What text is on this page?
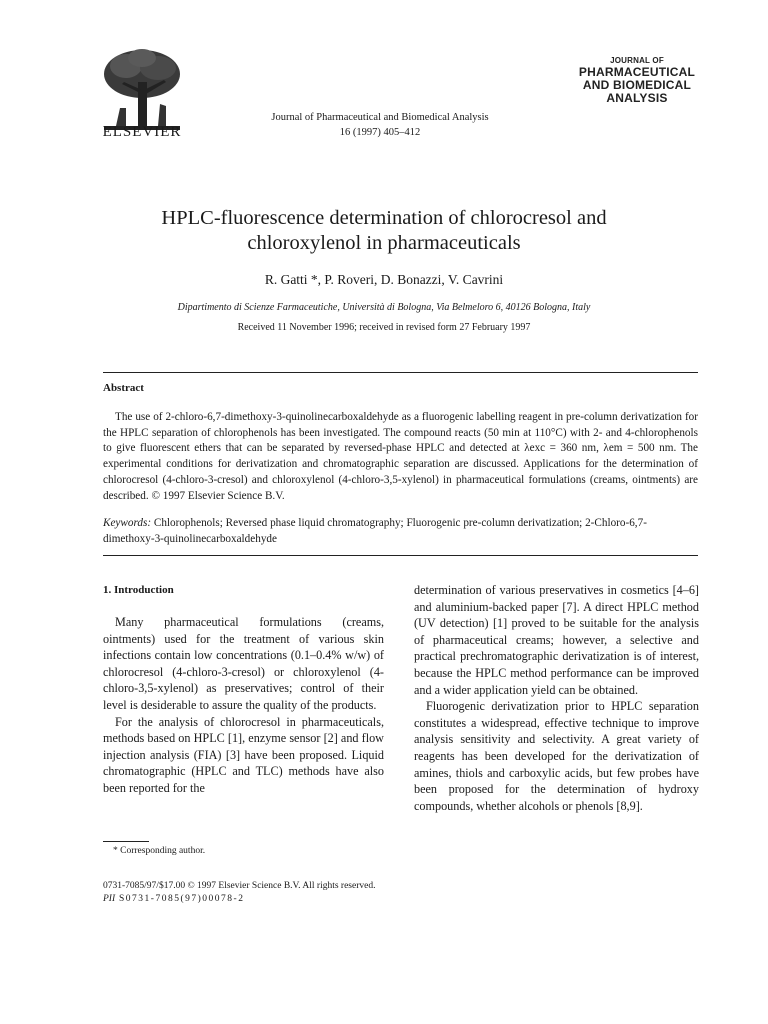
ELSEVIER
Journal of Pharmaceutical and Biomedical Analysis
16 (1997) 405–412
JOURNAL OF
PHARMACEUTICAL
AND BIOMEDICAL
ANALYSIS
HPLC-fluorescence determination of chlorocresol and
chloroxylenol in pharmaceuticals
R. Gatti *, P. Roveri, D. Bonazzi, V. Cavrini
Dipartimento di Scienze Farmaceutiche, Università di Bologna, Via Belmeloro 6, 40126 Bologna, Italy
Received 11 November 1996; received in revised form 27 February 1997
Abstract
The use of 2-chloro-6,7-dimethoxy-3-quinolinecarboxaldehyde as a fluorogenic labelling reagent in pre-column derivatization for the HPLC separation of chlorophenols has been investigated. The compound reacts (50 min at 110°C) with 2- and 4-chlorophenols to give fluorescent ethers that can be separated by reversed-phase HPLC and detected at λexc = 360 nm, λem = 500 nm. The experimental conditions for derivatization and chromatographic separation are discussed. Applications for the determination of chlorocresol (4-chloro-3-cresol) and chloroxylenol (4-chloro-3,5-xylenol) in pharmaceutical formulations (creams, ointments) are described. © 1997 Elsevier Science B.V.
Keywords: Chlorophenols; Reversed phase liquid chromatography; Fluorogenic pre-column derivatization; 2-Chloro-6,7-dimethoxy-3-quinolinecarboxaldehyde
1. Introduction

Many pharmaceutical formulations (creams, ointments) used for the treatment of various skin infections contain low concentrations (0.1–0.4% w/w) of chlorocresol (4-chloro-3-cresol) or chloroxylenol (4-chloro-3,5-xylenol) as preservatives; control of their level is desiderable to assure the quality of the products.

For the analysis of chlorocresol in pharmaceuticals, methods based on HPLC [1], enzyme sensor [2] and flow injection analysis (FIA) [3] have been proposed. Liquid chromatographic (HPLC and TLC) methods have also been reported for the

determination of various preservatives in cosmetics [4–6] and aluminium-backed paper [7]. A direct HPLC method (UV detection) [1] proved to be suitable for the analysis of pharmaceutical creams; however, a selective and practical prechromatographic derivatization is of interest, because the HPLC method performance can be improved and a wider application yield can be obtained.

Fluorogenic derivatization prior to HPLC separation constitutes a widespread, effective technique to improve analysis sensitivity and selectivity. A great variety of reagents has been developed for the derivatization of amines, thiols and carboxylic acids, but few probes have been proposed for the determination of hydroxy compounds, whether alcohols or phenols [8,9].

* Corresponding author.
0731-7085/97/$17.00 © 1997 Elsevier Science B.V. All rights reserved.
PII S0731-7085(97)00078-2
